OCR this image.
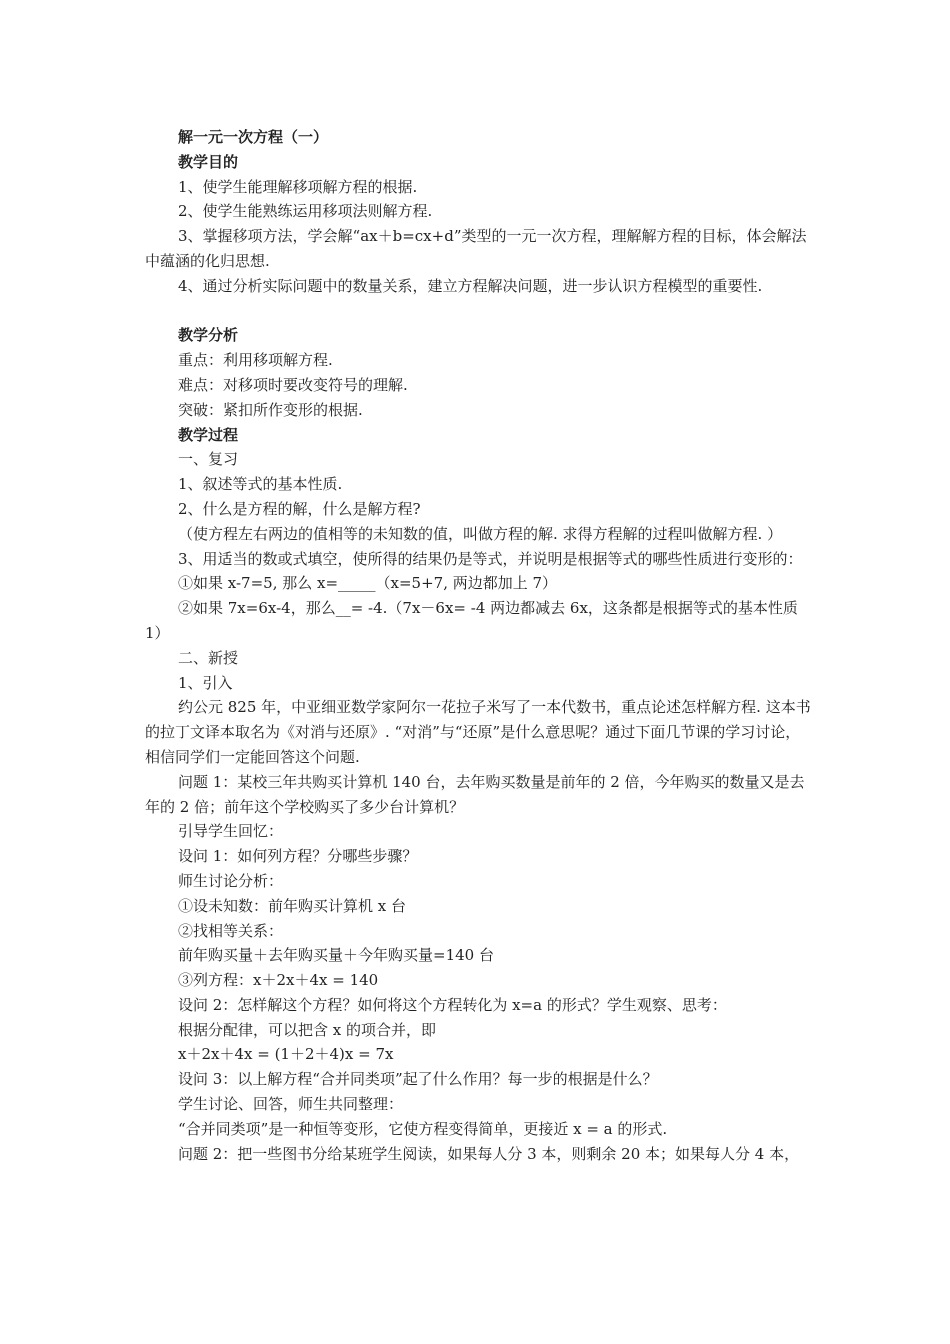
解一元一次方程（一）
教学目的
1、使学生能理解移项解方程的根据.
2、使学生能熟练运用移项法则解方程.
3、掌握移项方法，学会解“ax＋b=cx+d”类型的一元一次方程，理解解方程的目标，体会解法中蕴涵的化归思想.
4、通过分析实际问题中的数量关系，建立方程解决问题，进一步认识方程模型的重要性.
教学分析
重点：利用移项解方程.
难点：对移项时要改变符号的理解.
突破：紧扣所作变形的根据.
教学过程
一、复习
1、叙述等式的基本性质.
2、什么是方程的解，什么是解方程?
（使方程左右两边的值相等的未知数的值，叫做方程的解. 求得方程解的过程叫做解方程. ）
3、用适当的数或式填空，使所得的结果仍是等式，并说明是根据等式的哪些性质进行变形的：
①如果 x-7=5, 那么 x=_____（x=5+7, 两边都加上 7）
②如果 7x=6x-4，那么__= -4.（7x－6x= -4 两边都减去 6x，这条都是根据等式的基本性质 1）
二、新授
1、引入
约公元 825 年，中亚细亚数学家阿尔一花拉子米写了一本代数书，重点论述怎样解方程. 这本书的拉丁文译本取名为《对消与还原》. “对消”与“还原”是什么意思呢？通过下面几节课的学习讨论，相信同学们一定能回答这个问题.
问题 1：某校三年共购买计算机 140 台，去年购买数量是前年的 2 倍，今年购买的数量又是去年的 2 倍；前年这个学校购买了多少台计算机？
引导学生回忆：
设问 1：如何列方程？分哪些步骤？
师生讨论分析：
①设未知数：前年购买计算机 x 台
②找相等关系：
前年购买量＋去年购买量＋今年购买量=140 台
③列方程：x＋2x＋4x = 140
设问 2：怎样解这个方程？如何将这个方程转化为 x=a 的形式？学生观察、思考：
根据分配律，可以把含 x 的项合并，即
x＋2x＋4x = (1＋2＋4)x = 7x
设问 3：以上解方程“合并同类项”起了什么作用？每一步的根据是什么？
学生讨论、回答，师生共同整理：
“合并同类项”是一种恒等变形，它使方程变得简单，更接近 x = a 的形式.
问题 2：把一些图书分给某班学生阅读，如果每人分 3 本，则剩余 20 本；如果每人分 4 本，
